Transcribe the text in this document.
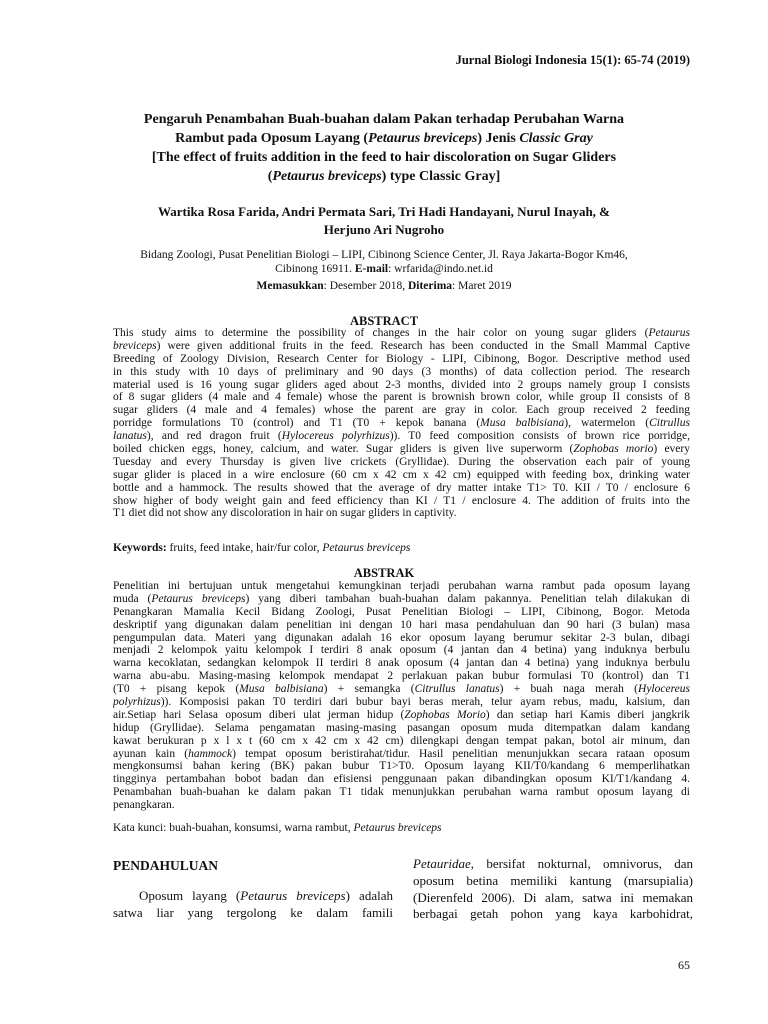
Jurnal Biologi Indonesia 15(1): 65-74 (2019)
Pengaruh Penambahan Buah-buahan dalam Pakan terhadap Perubahan Warna
Rambut pada Oposum Layang (Petaurus breviceps) Jenis Classic Gray
[The effect of fruits addition in the feed to hair discoloration on Sugar Gliders
(Petaurus breviceps) type Classic Gray]
Wartika Rosa Farida, Andri Permata Sari, Tri Hadi Handayani, Nurul Inayah, &
Herjuno Ari Nugroho
Bidang Zoologi, Pusat Penelitian Biologi – LIPI, Cibinong Science Center, Jl. Raya Jakarta-Bogor Km46,
Cibinong 16911. E-mail: wrfarida@indo.net.id
Memasukkan: Desember 2018, Diterima: Maret 2019
ABSTRACT
This study aims to determine the possibility of changes in the hair color on young sugar gliders (Petaurus
breviceps) were given additional fruits in the feed. Research has been conducted in the Small Mammal Captive
Breeding of Zoology Division, Research Center for Biology - LIPI, Cibinong, Bogor. Descriptive method used
in this study with 10 days of preliminary and 90 days (3 months) of data collection period. The research
material used is 16 young sugar gliders aged about 2-3 months, divided into 2 groups namely group I consists
of 8 sugar gliders (4 male and 4 female) whose the parent is brownish brown color, while group II consists of 8
sugar gliders (4 male and 4 females) whose the parent are gray in color. Each group received 2 feeding
porridge formulations T0 (control) and T1 (T0 + kepok banana (Musa balbisiana), watermelon (Citrullus
lanatus), and red dragon fruit (Hylocereus polyrhizus)). T0 feed composition consists of brown rice porridge,
boiled chicken eggs, honey, calcium, and water. Sugar gliders is given live superworm (Zophobas morio) every
Tuesday and every Thursday is given live crickets (Gryllidae). During the observation each pair of young
sugar glider is placed in a wire enclosure (60 cm x 42 cm x 42 cm) equipped with feeding box, drinking water
bottle and a hammock. The results showed that the average of dry matter intake T1> T0. KII / T0 / enclosure 6
show higher of body weight gain and feed efficiency than KI / T1 / enclosure 4. The addition of fruits into the
T1 diet did not show any discoloration in hair on sugar gliders in captivity.
Keywords: fruits, feed intake, hair/fur color, Petaurus breviceps
ABSTRAK
Penelitian ini bertujuan untuk mengetahui kemungkinan terjadi perubahan warna rambut pada oposum layang
muda (Petaurus breviceps) yang diberi tambahan buah-buahan dalam pakannya. Penelitian telah dilakukan di
Penangkaran Mamalia Kecil Bidang Zoologi, Pusat Penelitian Biologi – LIPI, Cibinong, Bogor. Metoda
deskriptif yang digunakan dalam penelitian ini dengan 10 hari masa pendahuluan dan 90 hari (3 bulan) masa
pengumpulan data. Materi yang digunakan adalah 16 ekor oposum layang berumur sekitar 2-3 bulan, dibagi
menjadi 2 kelompok yaitu kelompok I terdiri 8 anak oposum (4 jantan dan 4 betina) yang induknya berbulu
warna kecoklatan, sedangkan kelompok II terdiri 8 anak oposum (4 jantan dan 4 betina) yang induknya berbulu
warna abu-abu. Masing-masing kelompok mendapat 2 perlakuan pakan bubur formulasi T0 (kontrol) dan T1
(T0 + pisang kepok (Musa balbisiana) + semangka (Citrullus lanatus) + buah naga merah (Hylocereus
polyrhizus)). Komposisi pakan T0 terdiri dari bubur bayi beras merah, telur ayam rebus, madu, kalsium, dan
air.Setiap hari Selasa oposum diberi ulat jerman hidup (Zophobas Morio) dan setiap hari Kamis diberi jangkrik
hidup (Gryllidae). Selama pengamatan masing-masing pasangan oposum muda ditempatkan dalam kandang
kawat berukuran p x l x t (60 cm x 42 cm x 42 cm) dilengkapi dengan tempat pakan, botol air minum, dan
ayunan kain (hammock) tempat oposum beristirahat/tidur. Hasil penelitian menunjukkan secara rataan oposum
mengkonsumsi bahan kering (BK) pakan bubur T1>T0. Oposum layang KII/T0/kandang 6 memperlihatkan
tingginya pertambahan bobot badan dan efisiensi penggunaan pakan dibandingkan oposum KI/T1/kandang 4.
Penambahan buah-buahan ke dalam pakan T1 tidak menunjukkan perubahan warna rambut oposum layang di
penangkaran.
Kata kunci: buah-buahan, konsumsi, warna rambut, Petaurus breviceps
PENDAHULUAN
Oposum layang (Petaurus breviceps) adalah
satwa liar yang tergolong ke dalam famili
Petauridae, bersifat nokturnal, omnivorus, dan
oposum betina memiliki kantung (marsupialia)
(Dierenfeld 2006). Di alam, satwa ini memakan
berbagai getah pohon yang kaya karbohidrat,
65
